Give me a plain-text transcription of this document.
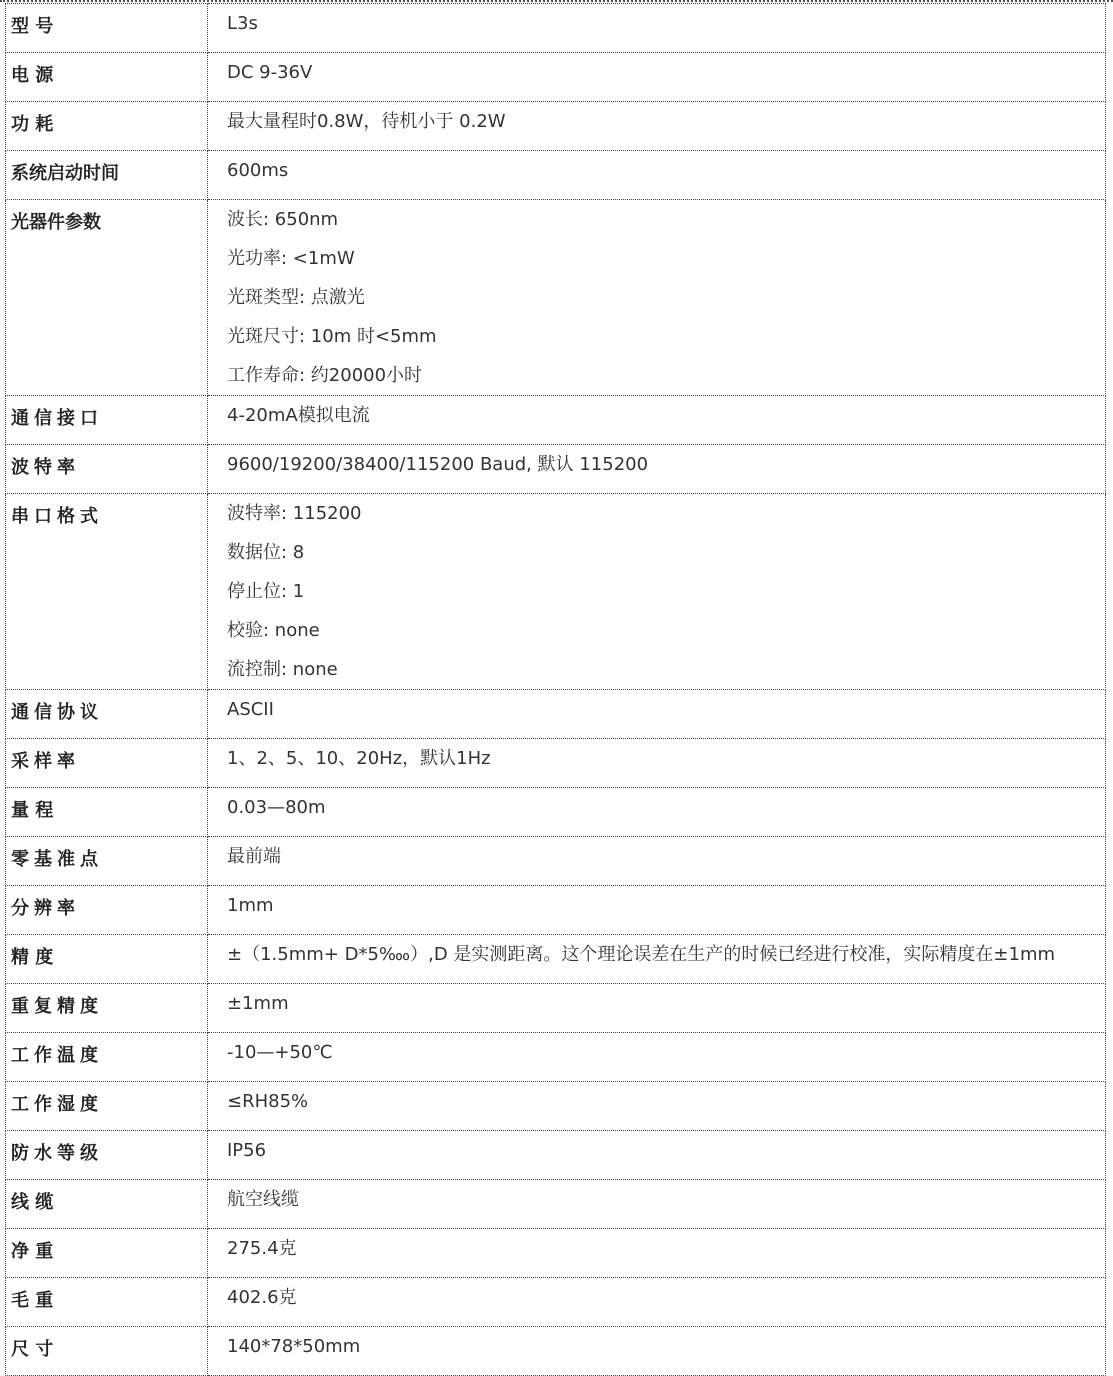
型 号	L3s

电 源	DC 9-36V

功 耗	最大量程时0.8W，待机小于 0.2W

系统启动时间	600ms

光器件参数	波长: 650nm
光功率: <1mW
光斑类型: 点激光
光斑尺寸: 10m 时<5mm
工作寿命: 约20000小时

通信接口	4-20mA模拟电流

波特率	9600/19200/38400/115200 Baud, 默认 115200

串口格式	波特率: 115200
数据位: 8
停止位: 1
校验: none
流控制: none

通信协议	ASCII

采样率	1、2、5、10、20Hz，默认1Hz

量 程	0.03—80m

零基准点	最前端

分辨率	1mm

精 度	±（1.5mm+ D*5‱）,D 是实测距离。这个理论误差在生产的时候已经进行校准，实际精度在±1mm

重复精度	±1mm

工作温度	-10—+50℃

工作湿度	≤RH85%

防水等级	IP56

线 缆	航空线缆

净 重	275.4克

毛 重	402.6克

尺 寸	140*78*50mm
